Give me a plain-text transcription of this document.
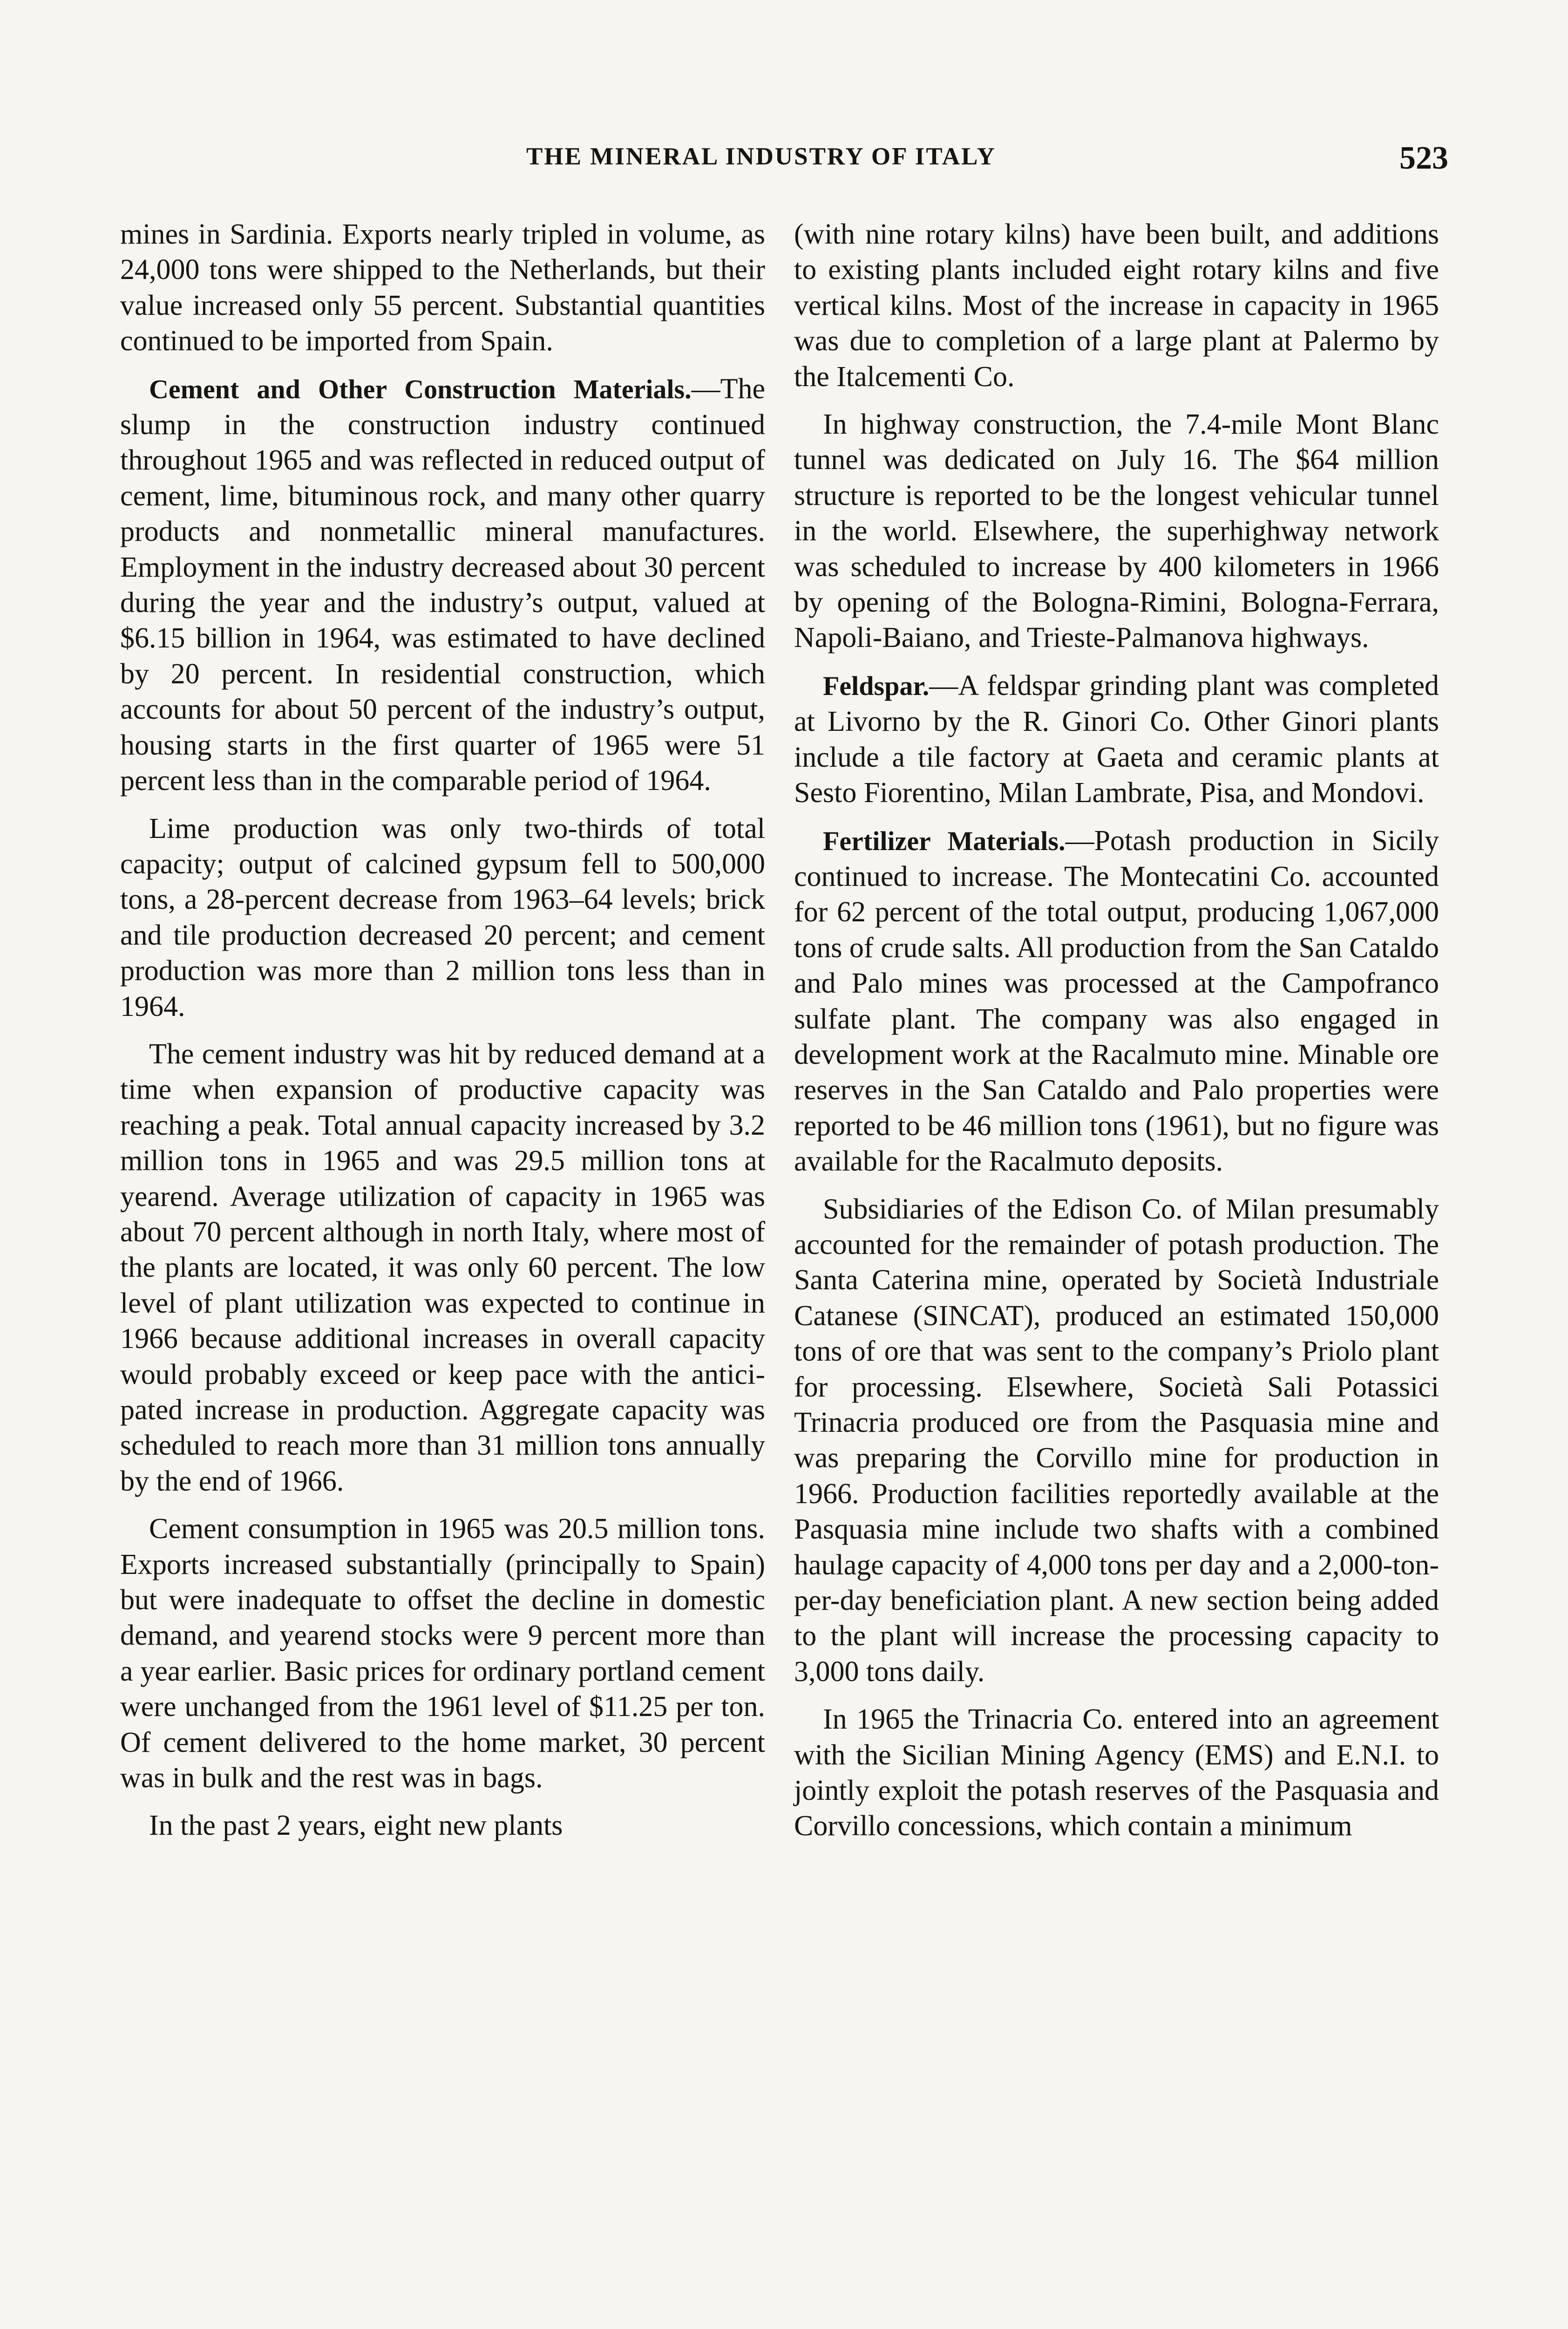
THE MINERAL INDUSTRY OF ITALY	523

mines in Sardinia. Exports nearly tripled in volume, as 24,000 tons were shipped to the Netherlands, but their value increased only 55 percent. Substantial quantities continued to be imported from Spain.

Cement and Other Construction Materials.—The slump in the construction industry continued throughout 1965 and was reflected in reduced output of cement, lime, bituminous rock, and many other quarry products and nonmetallic mineral manufactures. Employment in the industry decreased about 30 percent during the year and the industry’s output, valued at $6.15 billion in 1964, was estimated to have declined by 20 percent. In residential construction, which accounts for about 50 percent of the industry’s output, housing starts in the first quarter of 1965 were 51 percent less than in the comparable period of 1964.

Lime production was only two-thirds of total capacity; output of calcined gypsum fell to 500,000 tons, a 28-percent decrease from 1963–64 levels; brick and tile production decreased 20 percent; and cement production was more than 2 million tons less than in 1964.

The cement industry was hit by reduced demand at a time when expansion of productive capacity was reaching a peak. Total annual capacity increased by 3.2 million tons in 1965 and was 29.5 million tons at yearend. Average utilization of capacity in 1965 was about 70 percent although in north Italy, where most of the plants are located, it was only 60 percent. The low level of plant utilization was expected to continue in 1966 because additional increases in overall capacity would probably exceed or keep pace with the anticipated increase in production. Aggregate capacity was scheduled to reach more than 31 million tons annually by the end of 1966.

Cement consumption in 1965 was 20.5 million tons. Exports increased substantially (principally to Spain) but were inadequate to offset the decline in domestic demand, and yearend stocks were 9 percent more than a year earlier. Basic prices for ordinary portland cement were unchanged from the 1961 level of $11.25 per ton. Of cement delivered to the home market, 30 percent was in bulk and the rest was in bags.

In the past 2 years, eight new plants

(with nine rotary kilns) have been built, and additions to existing plants included eight rotary kilns and five vertical kilns. Most of the increase in capacity in 1965 was due to completion of a large plant at Palermo by the Italcementi Co.

In highway construction, the 7.4-mile Mont Blanc tunnel was dedicated on July 16. The $64 million structure is reported to be the longest vehicular tunnel in the world. Elsewhere, the superhighway network was scheduled to increase by 400 kilometers in 1966 by opening of the Bologna-Rimini, Bologna-Ferrara, Napoli-Baiano, and Trieste-Palmanova highways.

Feldspar.—A feldspar grinding plant was completed at Livorno by the R. Ginori Co. Other Ginori plants include a tile factory at Gaeta and ceramic plants at Sesto Fiorentino, Milan Lambrate, Pisa, and Mondovi.

Fertilizer Materials.—Potash production in Sicily continued to increase. The Montecatini Co. accounted for 62 percent of the total output, producing 1,067,000 tons of crude salts. All production from the San Cataldo and Palo mines was processed at the Campofranco sulfate plant. The company was also engaged in development work at the Racalmuto mine. Minable ore reserves in the San Cataldo and Palo properties were reported to be 46 million tons (1961), but no figure was available for the Racalmuto deposits.

Subsidiaries of the Edison Co. of Milan presumably accounted for the remainder of potash production. The Santa Caterina mine, operated by Società Industriale Catanese (SINCAT), produced an estimated 150,000 tons of ore that was sent to the company’s Priolo plant for processing. Elsewhere, Società Sali Potassici Trinacria produced ore from the Pasquasia mine and was preparing the Corvillo mine for production in 1966. Production facilities reportedly available at the Pasquasia mine include two shafts with a combined haulage capacity of 4,000 tons per day and a 2,000-ton-per-day beneficiation plant. A new section being added to the plant will increase the processing capacity to 3,000 tons daily.

In 1965 the Trinacria Co. entered into an agreement with the Sicilian Mining Agency (EMS) and E.N.I. to jointly exploit the potash reserves of the Pasquasia and Corvillo concessions, which contain a minimum
